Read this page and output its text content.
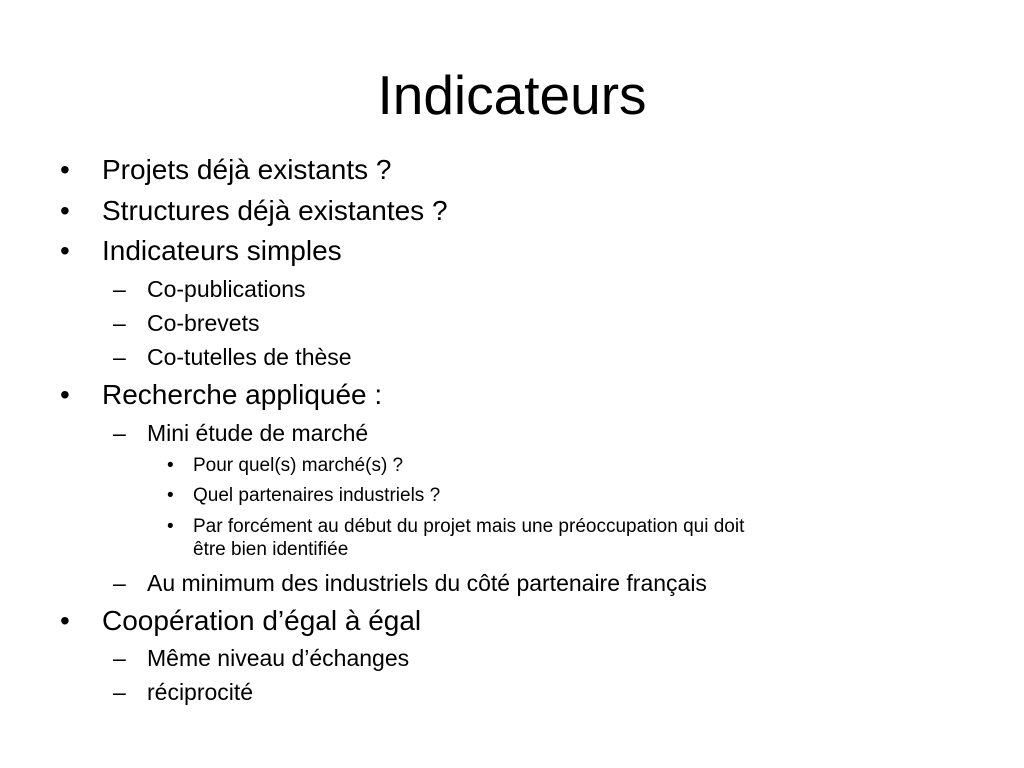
Indicateurs
• Projets déjà existants ?
• Structures déjà existantes ?
• Indicateurs simples
– Co-publications
– Co-brevets
– Co-tutelles de thèse
• Recherche appliquée :
– Mini étude de marché
• Pour quel(s) marché(s) ?
• Quel partenaires industriels ?
• Par forcément au début du projet mais une préoccupation qui doit
être bien identifiée
– Au minimum des industriels du côté partenaire français
• Coopération d’égal à égal
– Même niveau d’échanges
– réciprocité
